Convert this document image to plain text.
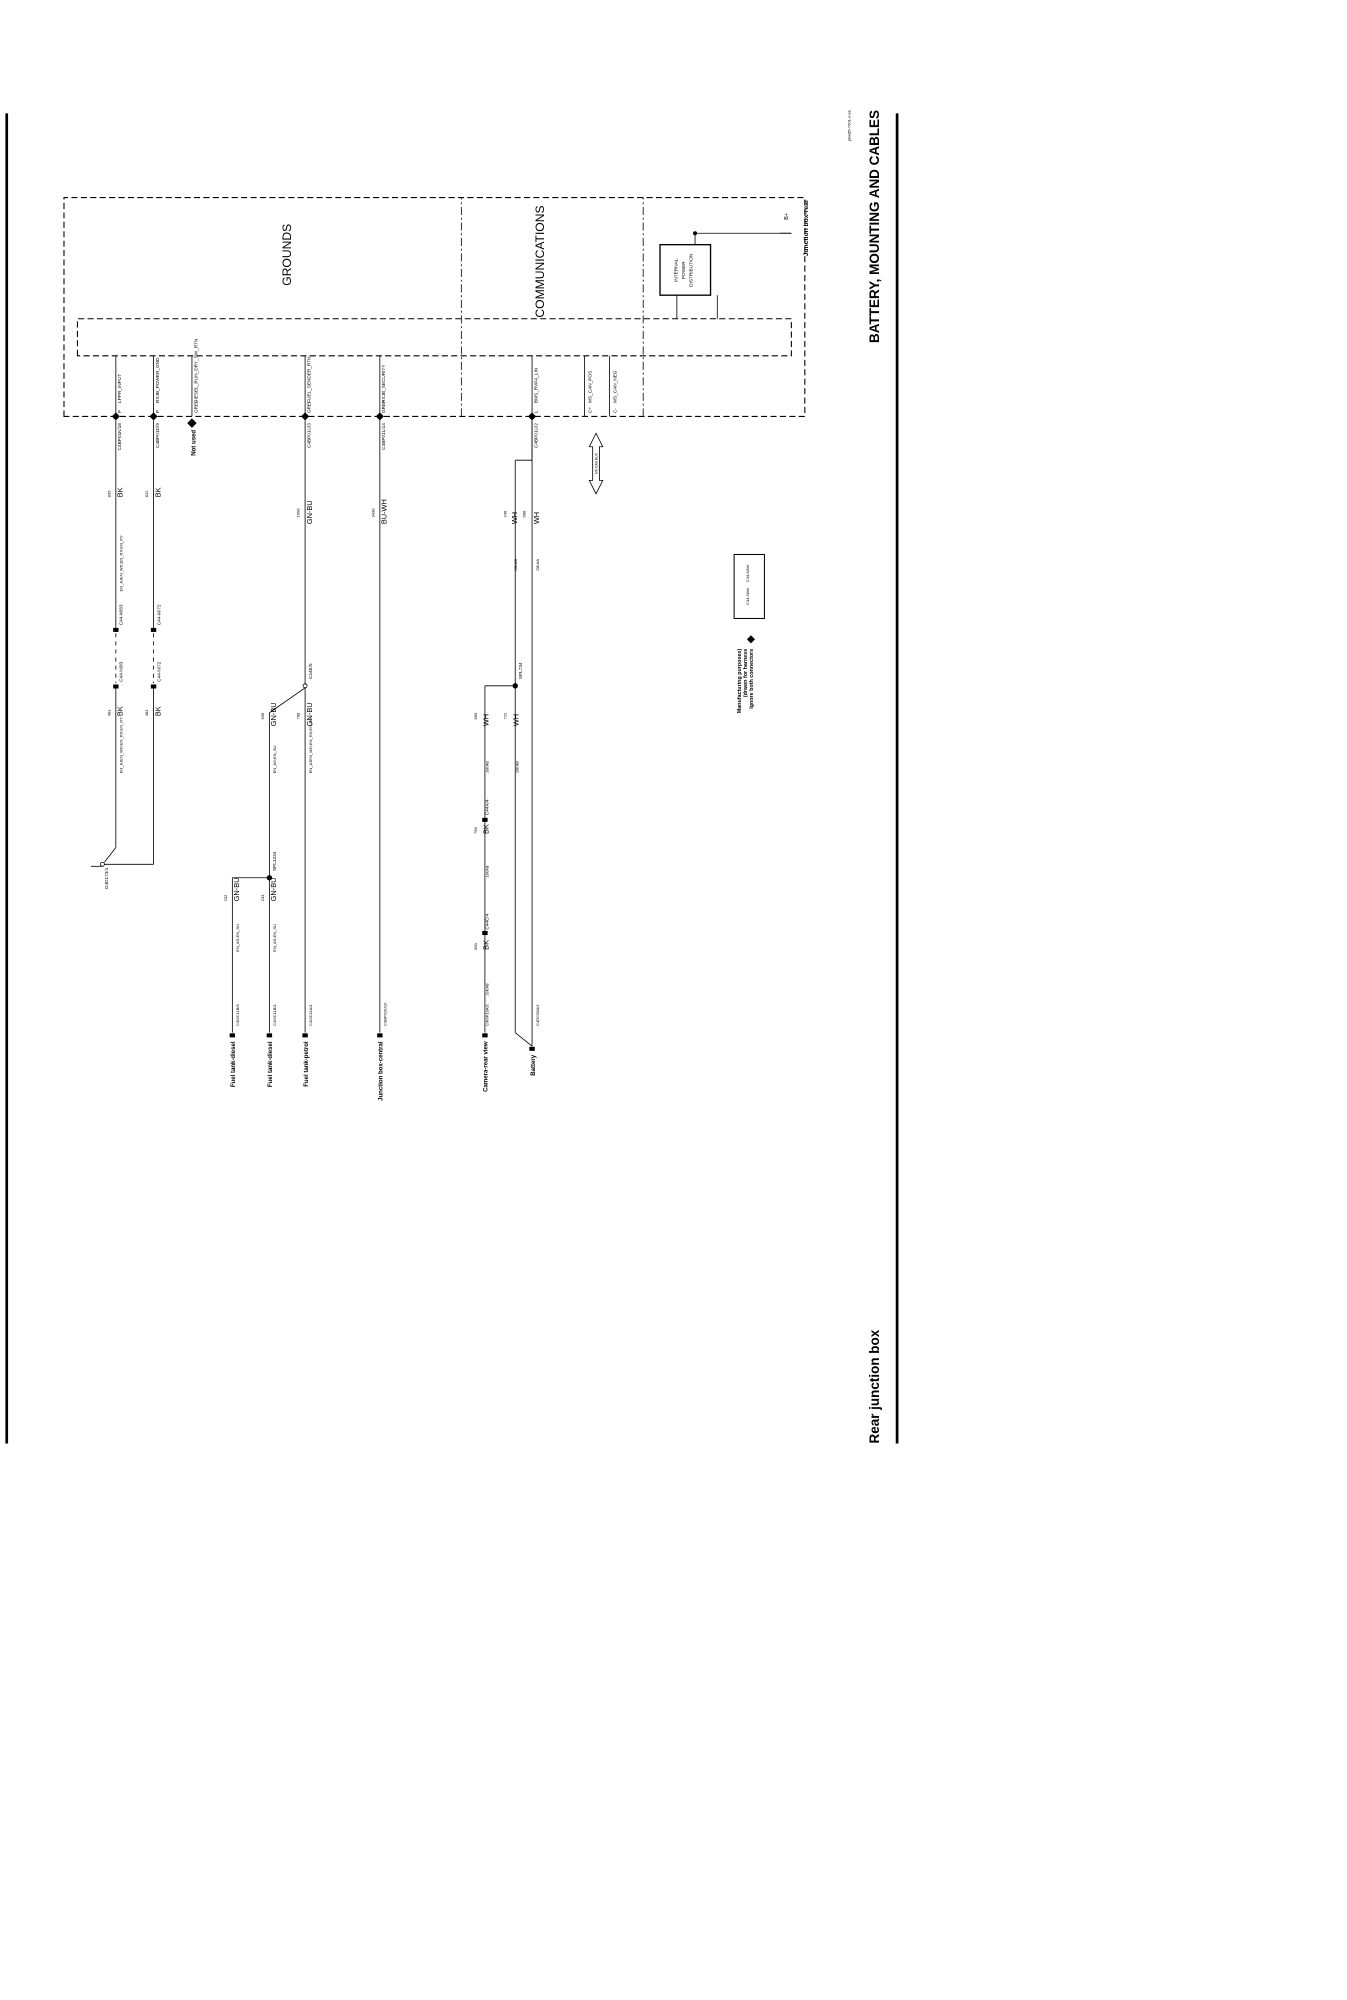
BATTERY, MOUNTING AND CABLES
Rear junction box
pkw85-7001-s-ee
Junction box-rear
GROUNDS	COMMUNICATIONS	INTERNAL POWER DISTRIBUTION
B+
C-
MS_CAN_NEG
C+
MS_CAN_POS
MS CAN BUS
L
BMS_RVPA_LIN
C4BP01U/2
WH
966
J3KAA
WH
246
J3KAB
SPL734
WH
722
J3KAB
WH
855
J3KAB
C44A/4
BK
756
J3KAB
C44C/4
BK
550
J3KAB
C4DC05A/1
Battery
C4MP19A/2
Camera-rear view
GREF
RSJB_SECURITY
C4BP01L/14
BU-WH
3438
C3BP01K/10
Junction box-central
GREF
FUEL_SENDER_RTN
C4BP01U/3
GN-BU
1996
C44E/5
GN-BU
768
EN_AJEN_WD;EN_RX;EN_RY
GN-BU
535
EN_AS;EN_SU
SPL1234
GN-BU
233
EN_AS;EN_SU
GN-BU
232
EN_AS;EN_SU
C4MC11A/1
Fuel tank-petrol
C4MC11B/1
Fuel tank-diesel
C4MC11B/5
Fuel tank-diesel
GREF
DIESEL_RUN_DRY_SW_RTN
Not used
P
RSJB_POWER_GND
C4BP01D/9
BK
612
C44-M/72
C44-N/72
BK
481
P
LPPR_INPUT
C4BP01K/18
BK
835
EN_AJEN_WD;EN_RX;EN_RY
C44-M/83
C44-N/83
BK
481
EN_AJEN_WD;EN_RX;EN_RY
G4D173/1
C44-M/##
C44-N/##
Ignore both connectors
(drawn for harness
Manufacturing purposes)
